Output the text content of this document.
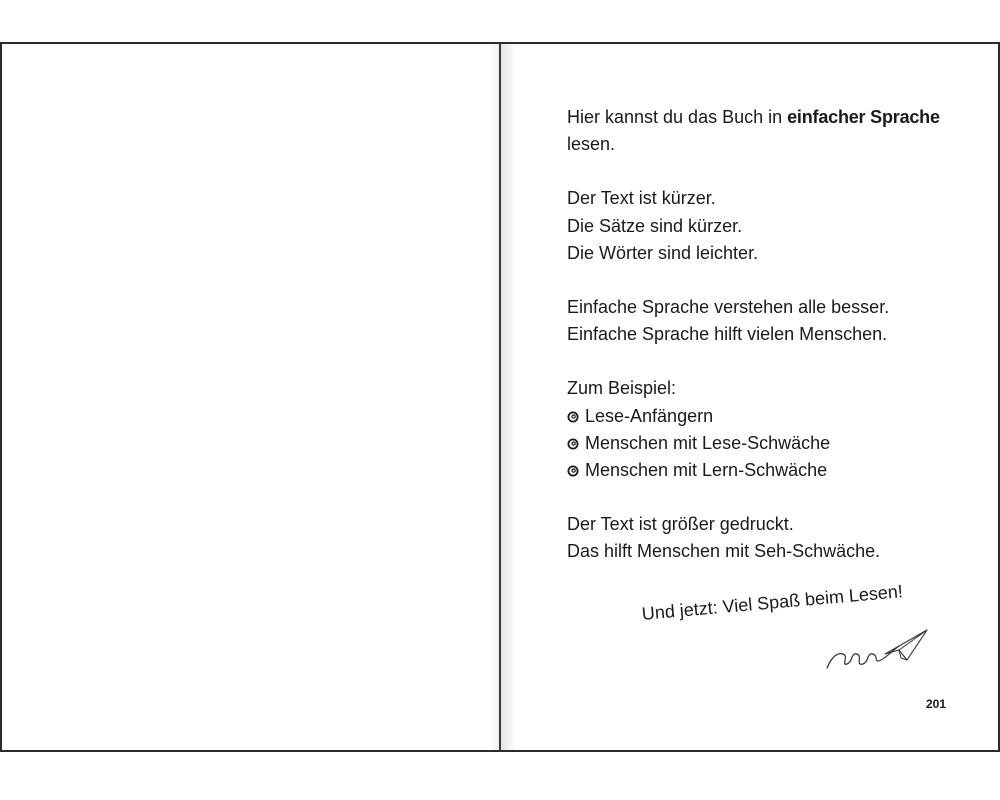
Hier kannst du das Buch in einfacher Sprache
lesen.

Der Text ist kürzer.
Die Sätze sind kürzer.
Die Wörter sind leichter.

Einfache Sprache verstehen alle besser.
Einfache Sprache hilft vielen Menschen.

Zum Beispiel:
Lese-Anfängern
Menschen mit Lese-Schwäche
Menschen mit Lern-Schwäche

Der Text ist größer gedruckt.
Das hilft Menschen mit Seh-Schwäche.

Und jetzt: Viel Spaß beim Lesen!
201
